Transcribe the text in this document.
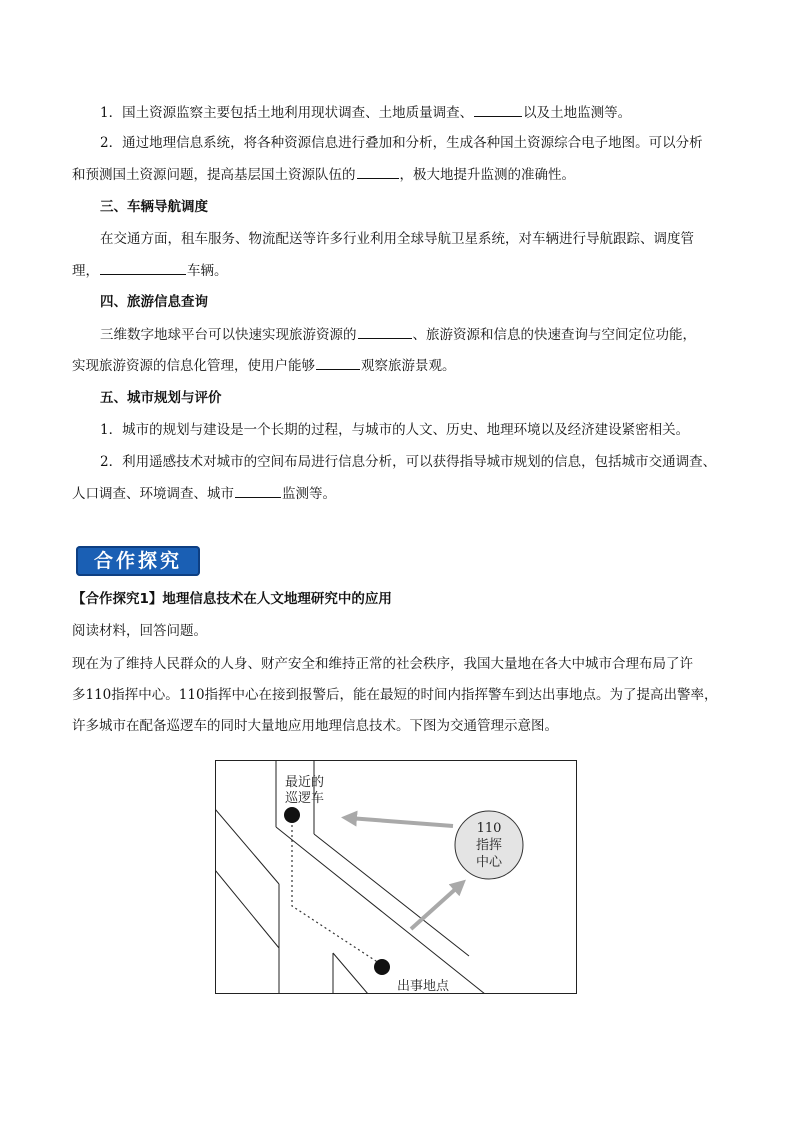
1．国土资源监察主要包括土地利用现状调查、土地质量调查、	以及土地监测等。
2．通过地理信息系统，将各种资源信息进行叠加和分析，生成各种国土资源综合电子地图。可以分析
和预测国土资源问题，提高基层国土资源队伍的	，极大地提升监测的准确性。
三、车辆导航调度
在交通方面，租车服务、物流配送等许多行业利用全球导航卫星系统，对车辆进行导航跟踪、调度管
理，	车辆。
四、旅游信息查询
三维数字地球平台可以快速实现旅游资源的	、旅游资源和信息的快速查询与空间定位功能，
实现旅游资源的信息化管理，使用户能够	观察旅游景观。
五、城市规划与评价
1．城市的规划与建设是一个长期的过程，与城市的人文、历史、地理环境以及经济建设紧密相关。
2．利用遥感技术对城市的空间布局进行信息分析，可以获得指导城市规划的信息，包括城市交通调查、
人口调查、环境调查、城市	监测等。
合作探究
【合作探究1】地理信息技术在人文地理研究中的应用
阅读材料，回答问题。
现在为了维持人民群众的人身、财产安全和维持正常的社会秩序，我国大量地在各大中城市合理布局了许
多110指挥中心。110指挥中心在接到报警后，能在最短的时间内指挥警车到达出事地点。为了提高出警率，
许多城市在配备巡逻车的同时大量地应用地理信息技术。下图为交通管理示意图。
最近的
巡逻车
110
指挥
中心
出事地点
